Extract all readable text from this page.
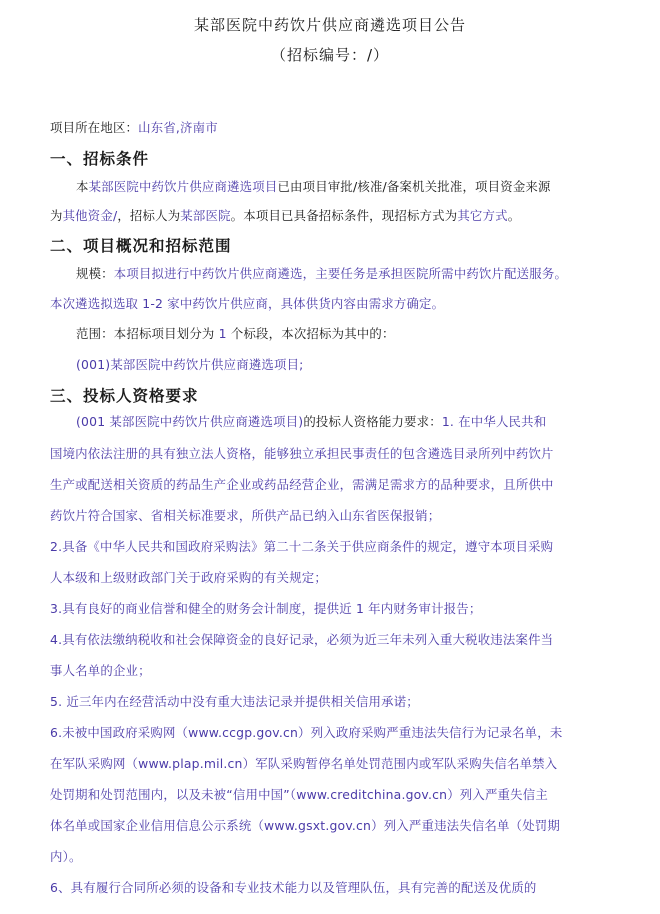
某部医院中药饮片供应商遴选项目公告
（招标编号：/）
项目所在地区：山东省,济南市
一、招标条件
本某部医院中药饮片供应商遴选项目已由项目审批/核准/备案机关批准，项目资金来源
为其他资金/，招标人为某部医院。本项目已具备招标条件，现招标方式为其它方式。
二、项目概况和招标范围
规模：本项目拟进行中药饮片供应商遴选，主要任务是承担医院所需中药饮片配送服务。
本次遴选拟选取 1-2 家中药饮片供应商，具体供货内容由需求方确定。
范围：本招标项目划分为 1 个标段，本次招标为其中的：
(001)某部医院中药饮片供应商遴选项目;
三、投标人资格要求
(001 某部医院中药饮片供应商遴选项目)的投标人资格能力要求：1. 在中华人民共和
国境内依法注册的具有独立法人资格，能够独立承担民事责任的包含遴选目录所列中药饮片
生产或配送相关资质的药品生产企业或药品经营企业，需满足需求方的品种要求，且所供中
药饮片符合国家、省相关标准要求，所供产品已纳入山东省医保报销；
2.具备《中华人民共和国政府采购法》第二十二条关于供应商条件的规定，遵守本项目采购
人本级和上级财政部门关于政府采购的有关规定；
3.具有良好的商业信誉和健全的财务会计制度，提供近 1 年内财务审计报告；
4.具有依法缴纳税收和社会保障资金的良好记录，必须为近三年未列入重大税收违法案件当
事人名单的企业；
5. 近三年内在经营活动中没有重大违法记录并提供相关信用承诺；
6.未被中国政府采购网（www.ccgp.gov.cn）列入政府采购严重违法失信行为记录名单，未
在军队采购网（www.plap.mil.cn）军队采购暂停名单处罚范围内或军队采购失信名单禁入
处罚期和处罚范围内，以及未被“信用中国”（www.creditchina.gov.cn）列入严重失信主
体名单或国家企业信用信息公示系统（www.gsxt.gov.cn）列入严重违法失信名单（处罚期
内）。
6、具有履行合同所必须的设备和专业技术能力以及管理队伍，具有完善的配送及优质的
